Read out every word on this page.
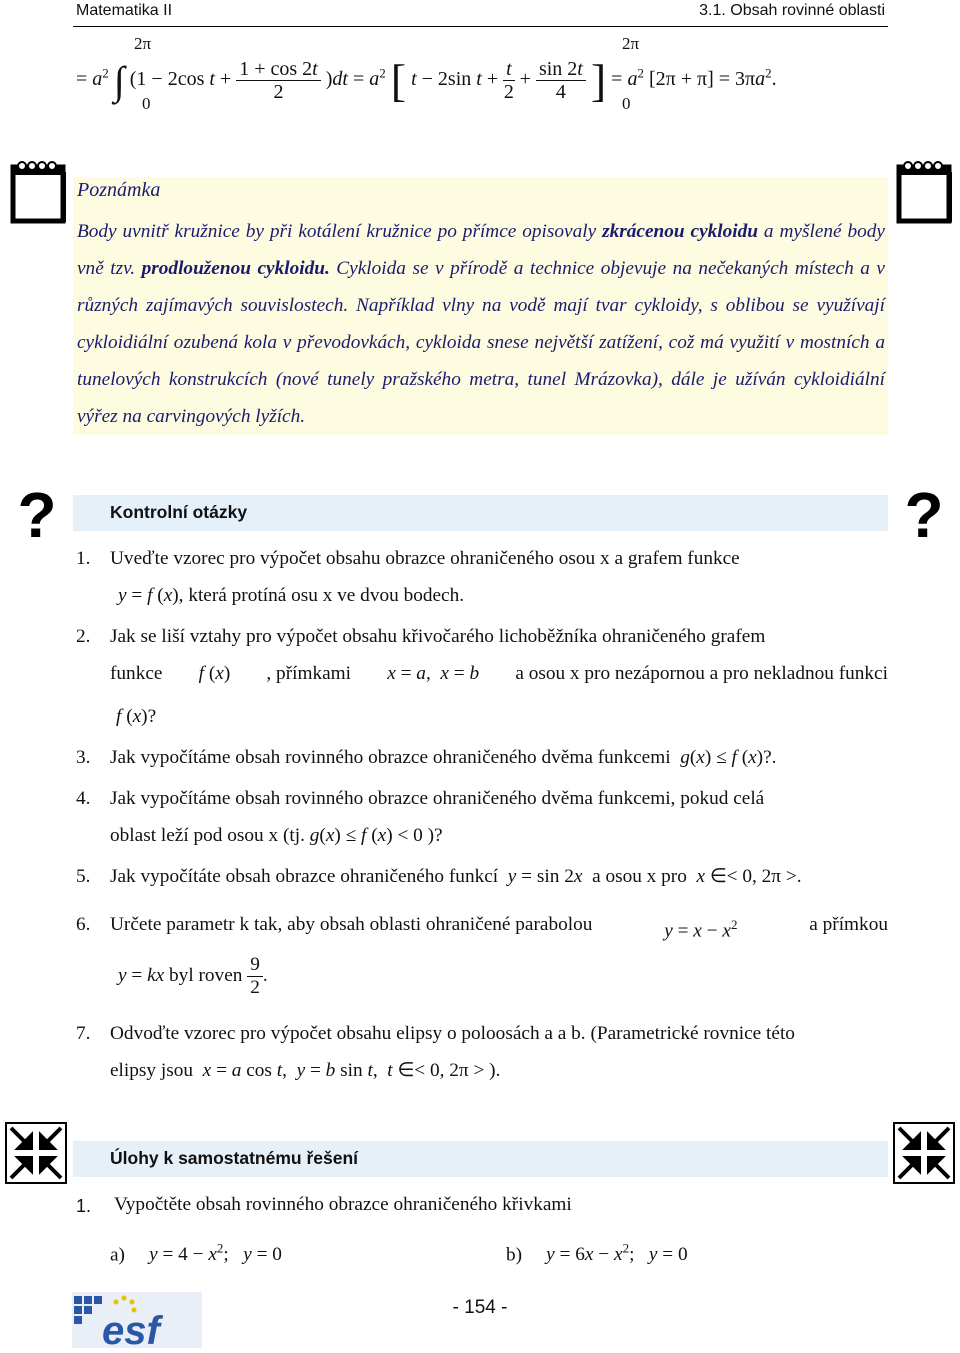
Matematika II	3.1. Obsah rovinné oblasti
2π
0
= $a^2$ ∫ (1 − 2cos $t + \frac{1 + \cos 2t}{2} )dt = a^2$ [ t − 2sin $t + \frac{t}{2} + \frac{\sin 2t}{4}$ ] = $a^2$ $[2\pi + \pi] = 3\pi a^2$.
2π
0
Poznámka
Body uvnitř kružnice by při kotálení kružnice po přímce opisovaly zkrácenou cykloidu a myšlené body vně tzv. prodlouženou cykloidu. Cykloida se v přírodě a technice objevuje na nečekaných místech a v různých zajímavých souvislostech. Například vlny na vodě mají tvar cykloidy, s oblibou se využívají cykloidiální ozubená kola v převodovkách, cykloida snese největší zatížení, což má využití v mostních a tunelových konstrukcích (nové tunely pražského metra, tunel Mrázovka), dále je užíván cykloidiální výřez na carvingových lyžích.
?	?
Kontrolní otázky
1. Uveďte vzorec pro výpočet obsahu obrazce ohraničeného osou x a grafem funkce
y = f (x), která protíná osu x ve dvou bodech.
2. Jak se liší vztahy pro výpočet obsahu křivočarého lichoběžníka ohraničeného grafem
funkce f (x) , přímkami x = a,  x = b a osou x pro nezápornou a pro nekladnou funkci
f (x)?
3. Jak vypočítáme obsah rovinného obrazce ohraničeného dvěma funkcemi  g(x) ≤ f (x)?.
4. Jak vypočítáme obsah rovinného obrazce ohraničeného dvěma funkcemi, pokud celá
oblast leží pod osou x (tj. g(x) ≤ f (x) < 0 )?
5. Jak vypočítáte obsah obrazce ohraničeného funkcí  y = sin 2x  a osou x pro  x ∈< 0, 2π >.
6. Určete parametr k tak, aby obsah oblasti ohraničené parabolou	$y = x - x^2$	a přímkou
y = kx byl roven $\frac{9}{2}$ .
7. Odvoďte vzorec pro výpočet obsahu elipsy o poloosách a a b. (Parametrické rovnice této
elipsy jsou  x = a cos t,  y = b sin t,  t ∈< 0, 2π > ).
Úlohy k samostatnému řešení
1. Vypočtěte obsah rovinného obrazce ohraničeného křivkami
a)     $y = 4 - x^2$;   y = 0	b)     $y = 6x - x^2$;   y = 0
esf
- 154 -
